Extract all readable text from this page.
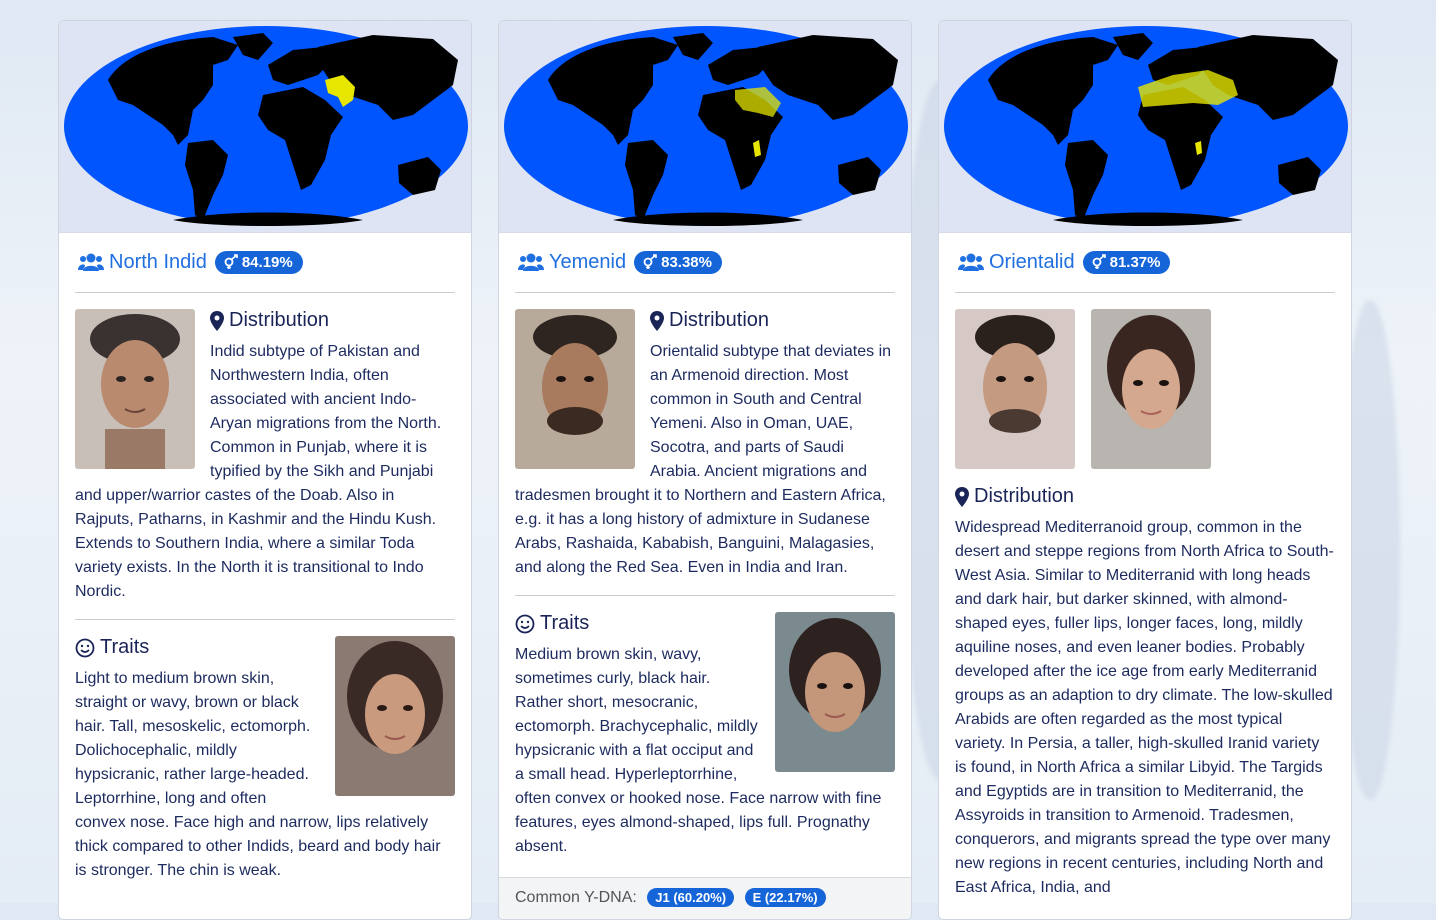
North Indid 84.19%
Distribution

Indid subtype of Pakistan and Northwestern India, often associated with ancient Indo-Aryan migrations from the North. Common in Punjab, where it is typified by the Sikh and Punjabi and upper/warrior castes of the Doab. Also in Rajputs, Patharns, in Kashmir and the Hindu Kush. Extends to Southern India, where a similar Toda variety exists. In the North it is transitional to Indo Nordic.

Traits

Light to medium brown skin, straight or wavy, brown or black hair. Tall, mesoskelic, ectomorph. Dolichocephalic, mildly hypsicranic, rather large-headed. Leptorrhine, long and often convex nose. Face high and narrow, lips relatively thick compared to other Indids, beard and body hair is stronger. The chin is weak.

Yemenid 83.38%
Distribution

Orientalid subtype that deviates in an Armenoid direction. Most common in South and Central Yemeni. Also in Oman, UAE, Socotra, and parts of Saudi Arabia. Ancient migrations and tradesmen brought it to Northern and Eastern Africa, e.g. it has a long history of admixture in Sudanese Arabs, Rashaida, Kababish, Banguini, Malagasies, and along the Red Sea. Even in India and Iran.

Traits

Medium brown skin, wavy, sometimes curly, black hair. Rather short, mesocranic, ectomorph. Brachycephalic, mildly hypsicranic with a flat occiput and a small head. Hyperleptorrhine, often convex or hooked nose. Face narrow with fine features, eyes almond-shaped, lips full. Prognathy absent.

Common Y-DNA: J1 (60.20%) E (22.17%)
Orientalid 81.37%
Distribution

Widespread Mediterranoid group, common in the desert and steppe regions from North Africa to South-West Asia. Similar to Mediterranid with long heads and dark hair, but darker skinned, with almond-shaped eyes, fuller lips, longer faces, long, mildly aquiline noses, and even leaner bodies. Probably developed after the ice age from early Mediterranid groups as an adaption to dry climate. The low-skulled Arabids are often regarded as the most typical variety. In Persia, a taller, high-skulled Iranid variety is found, in North Africa a similar Libyid. The Targids and Egyptids are in transition to Mediterranid, the Assyroids in transition to Armenoid. Tradesmen, conquerors, and migrants spread the type over many new regions in recent centuries, including North and East Africa, India, and
